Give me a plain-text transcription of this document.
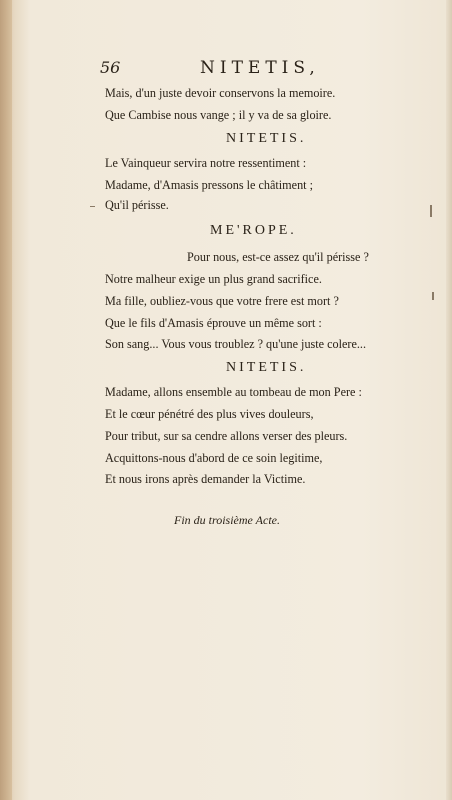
56	NITETIS,
Mais, d'un juste devoir conservons la memoire.
Que Cambise nous vange ; il y va de sa gloire.
NITETIS.
Le Vainqueur servira notre ressentiment :
Madame, d'Amasis pressons le châtiment ;
Qu'il périsse.
ME'ROPE.
Pour nous, est-ce assez qu'il périsse ?
Notre malheur exige un plus grand sacrifice.
Ma fille, oubliez-vous que votre frere est mort ?
Que le fils d'Amasis éprouve un même sort :
Son sang... Vous vous troublez ? qu'une juste colere...
NITETIS.
Madame, allons ensemble au tombeau de mon Pere :
Et le cœur pénétré des plus vives douleurs,
Pour tribut, sur sa cendre allons verser des pleurs.
Acquittons-nous d'abord de ce soin legitime,
Et nous irons après demander la Victime.
Fin du troisième Acte.
